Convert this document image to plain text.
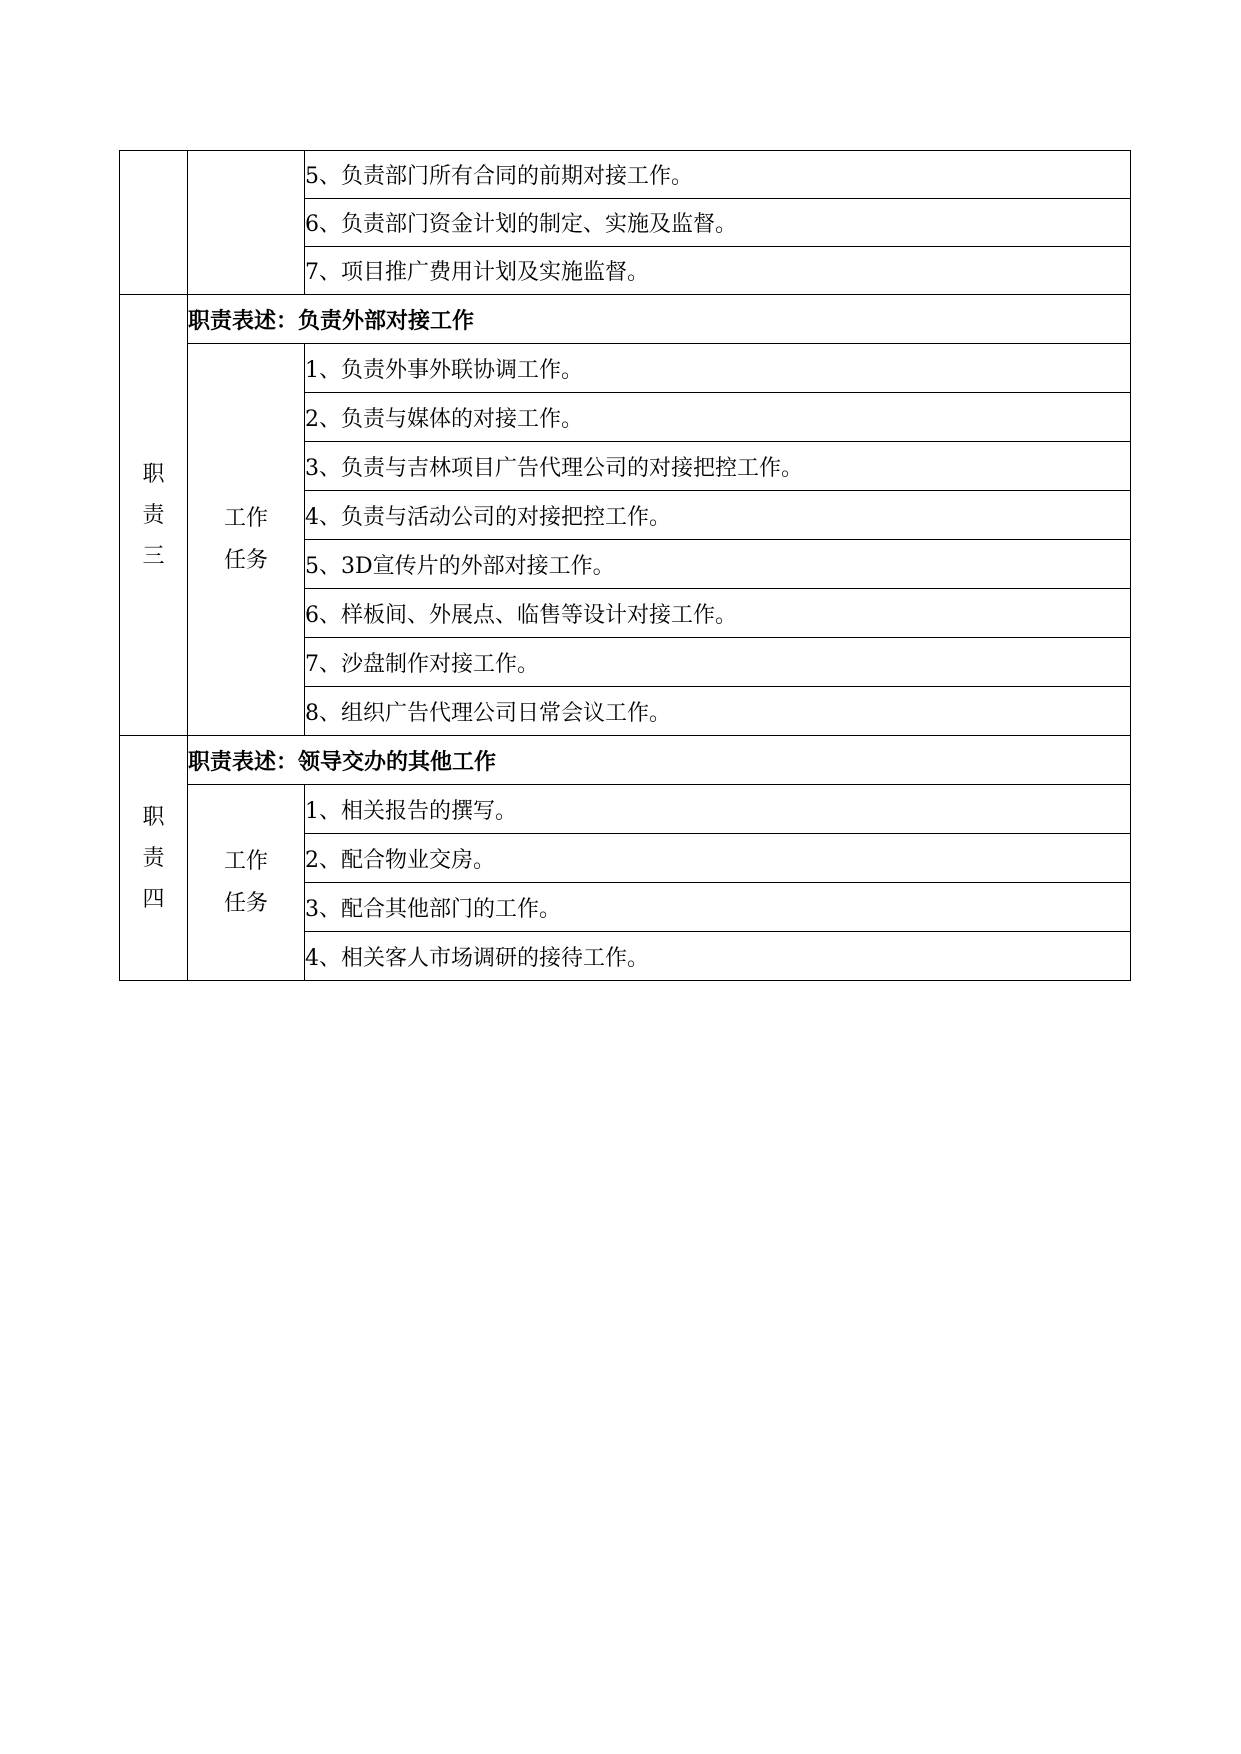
		5、负责部门所有合同的前期对接工作。
		6、负责部门资金计划的制定、实施及监督。
		7、项目推广费用计划及实施监督。

职
责
三	职责表述：负责外部对接工作	

	工作
任务	1、负责外事外联协调工作。
		2、负责与媒体的对接工作。
		3、负责与吉林项目广告代理公司的对接把控工作。
		4、负责与活动公司的对接把控工作。
		5、3D宣传片的外部对接工作。
		6、样板间、外展点、临售等设计对接工作。
		7、沙盘制作对接工作。
		8、组织广告代理公司日常会议工作。

职
责
四	职责表述：领导交办的其他工作	

	工作
任务	1、相关报告的撰写。
		2、配合物业交房。
		3、配合其他部门的工作。
		4、相关客人市场调研的接待工作。
